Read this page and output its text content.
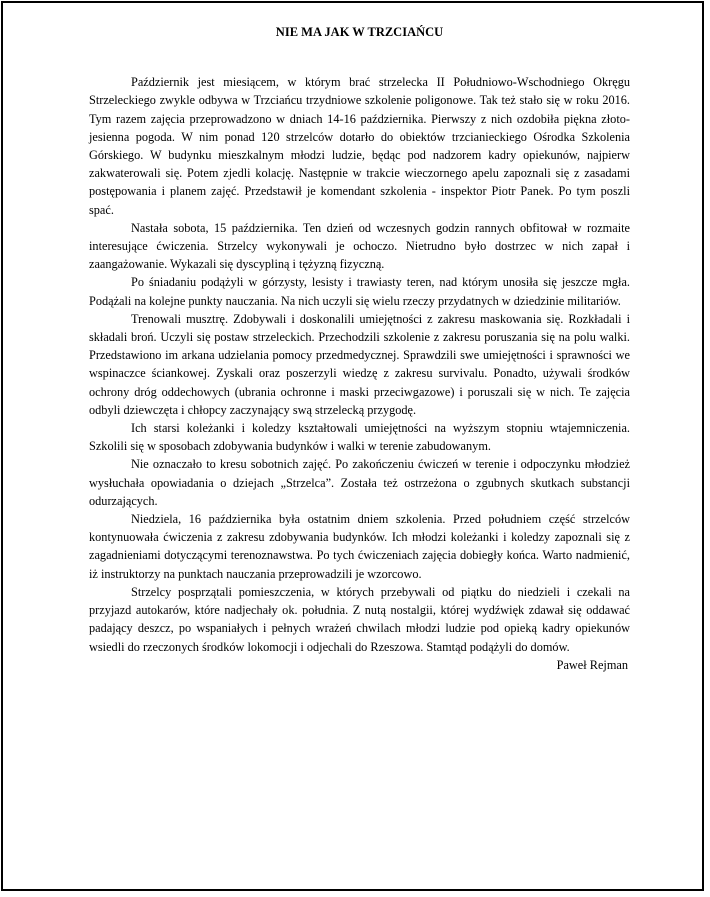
NIE MA JAK W TRZCIAŃCU

Październik jest miesiącem, w którym brać strzelecka II Południowo-Wschodniego Okręgu Strzeleckiego zwykle odbywa w Trzciańcu trzydniowe szkolenie poligonowe. Tak też stało się w roku 2016. Tym razem zajęcia przeprowadzono w dniach 14-16 października. Pierwszy z nich ozdobiła piękna złoto-jesienna pogoda. W nim ponad 120 strzelców dotarło do obiektów trzcianieckiego Ośrodka Szkolenia Górskiego. W budynku mieszkalnym młodzi ludzie, będąc pod nadzorem kadry opiekunów, najpierw zakwaterowali się. Potem zjedli kolację. Następnie w trakcie wieczornego apelu zapoznali się z zasadami postępowania i planem zajęć. Przedstawił je komendant szkolenia - inspektor Piotr Panek. Po tym poszli spać.

Nastała sobota, 15 października. Ten dzień od wczesnych godzin rannych obfitował w rozmaite interesujące ćwiczenia. Strzelcy wykonywali je ochoczo. Nietrudno było dostrzec w nich zapał i zaangażowanie. Wykazali się dyscypliną i tężyzną fizyczną.

Po śniadaniu podążyli w górzysty, lesisty i trawiasty teren, nad którym unosiła się jeszcze mgła. Podążali na kolejne punkty nauczania. Na nich uczyli się wielu rzeczy przydatnych w dziedzinie militariów.

Trenowali musztrę. Zdobywali i doskonalili umiejętności z zakresu maskowania się. Rozkładali i składali broń. Uczyli się postaw strzeleckich. Przechodzili szkolenie z zakresu poruszania się na polu walki. Przedstawiono im arkana udzielania pomocy przedmedycznej. Sprawdzili swe umiejętności i sprawności we wspinaczce ściankowej. Zyskali oraz poszerzyli wiedzę z zakresu survivalu. Ponadto, używali środków ochrony dróg oddechowych (ubrania ochronne i maski przeciwgazowe) i poruszali się w nich. Te zajęcia odbyli dziewczęta i chłopcy zaczynający swą strzelecką przygodę.

Ich starsi koleżanki i koledzy kształtowali umiejętności na wyższym stopniu wtajemniczenia. Szkolili się w sposobach zdobywania budynków i walki w terenie zabudowanym.

Nie oznaczało to kresu sobotnich zajęć. Po zakończeniu ćwiczeń w terenie i odpoczynku młodzież wysłuchała opowiadania o dziejach „Strzelca”. Została też ostrzeżona o zgubnych skutkach substancji odurzających.

Niedziela, 16 października była ostatnim dniem szkolenia. Przed południem część strzelców kontynuowała ćwiczenia z zakresu zdobywania budynków. Ich młodzi koleżanki i koledzy zapoznali się z zagadnieniami dotyczącymi terenoznawstwa. Po tych ćwiczeniach zajęcia dobiegły końca. Warto nadmienić, iż instruktorzy na punktach nauczania przeprowadzili je wzorcowo.

Strzelcy posprzątali pomieszczenia, w których przebywali od piątku do niedzieli i czekali na przyjazd autokarów, które nadjechały ok. południa. Z nutą nostalgii, której wydźwięk zdawał się oddawać padający deszcz, po wspaniałych i pełnych wrażeń chwilach młodzi ludzie pod opieką kadry opiekunów wsiedli do rzeczonych środków lokomocji i odjechali do Rzeszowa. Stamtąd podążyli do domów.

Paweł Rejman
